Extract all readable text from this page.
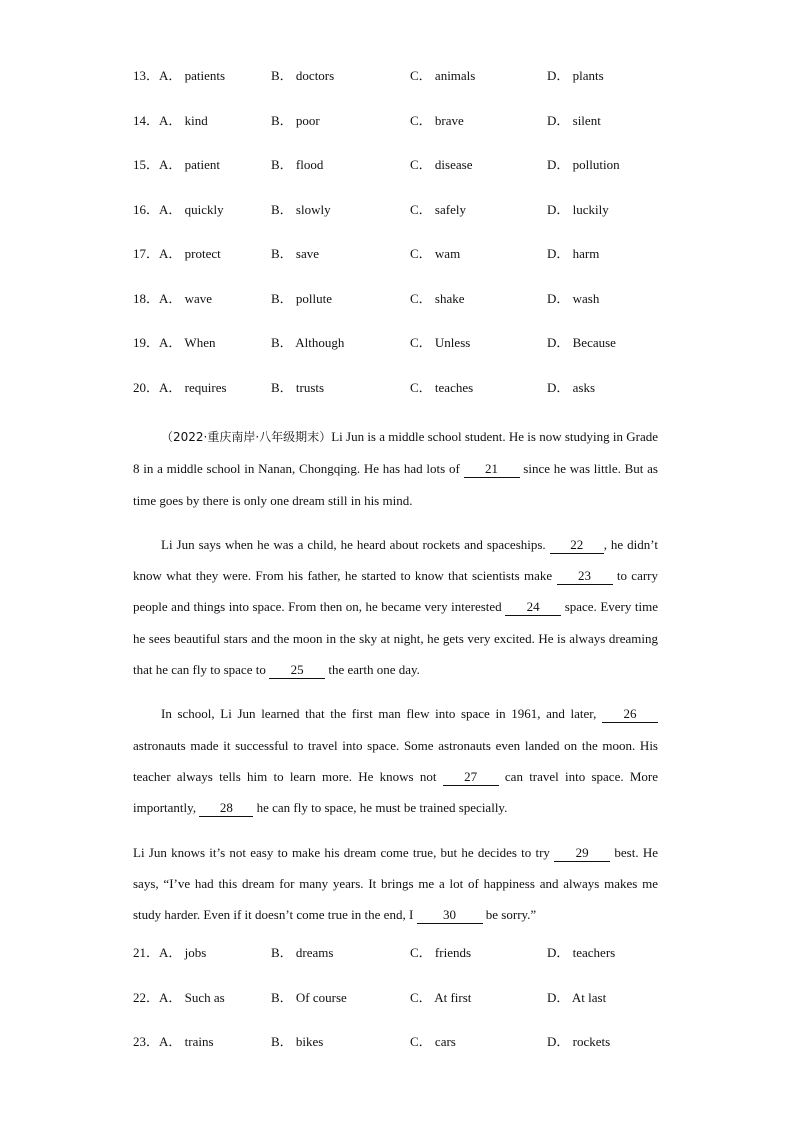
13．A． patients	B． doctors	C． animals	D． plants
14．A． kind	B． poor	C． brave	D． silent
15．A． patient	B． flood	C． disease	D． pollution
16．A． quickly	B． slowly	C． safely	D． luckily
17．A． protect	B． save	C． wam	D． harm
18．A． wave	B． pollute	C． shake	D． wash
19．A． When	B． Although	C． Unless	D． Because
20．A． requires	B． trusts	C． teaches	D． asks

（2022·重庆南岸·八年级期末）Li Jun is a middle school student. He is now studying in Grade 8 in a middle school in Nanan, Chongqing. He has had lots of 21 since he was little. But as time goes by there is only one dream still in his mind.

Li Jun says when he was a child, he heard about rockets and spaceships. 22 , he didn’t know what they were. From his father, he started to know that scientists make 23 to carry people and things into space. From then on, he became very interested 24 space. Every time he sees beautiful stars and the moon in the sky at night, he gets very excited. He is always dreaming that he can fly to space to 25 the earth one day.

In school, Li Jun learned that the first man flew into space in 1961, and later, 26 astronauts made it successful to travel into space. Some astronauts even landed on the moon. His teacher always tells him to learn more. He knows not 27 can travel into space. More importantly, 28 he can fly to space, he must be trained specially.

Li Jun knows it’s not easy to make his dream come true, but he decides to try 29 best. He says, “I’ve had this dream for many years. It brings me a lot of happiness and always makes me study harder. Even if it doesn’t come true in the end, I 30 be sorry.”

21．A． jobs	B． dreams	C． friends	D． teachers
22．A． Such as	B． Of course	C． At first	D． At last
23．A． trains	B． bikes	C． cars	D． rockets
